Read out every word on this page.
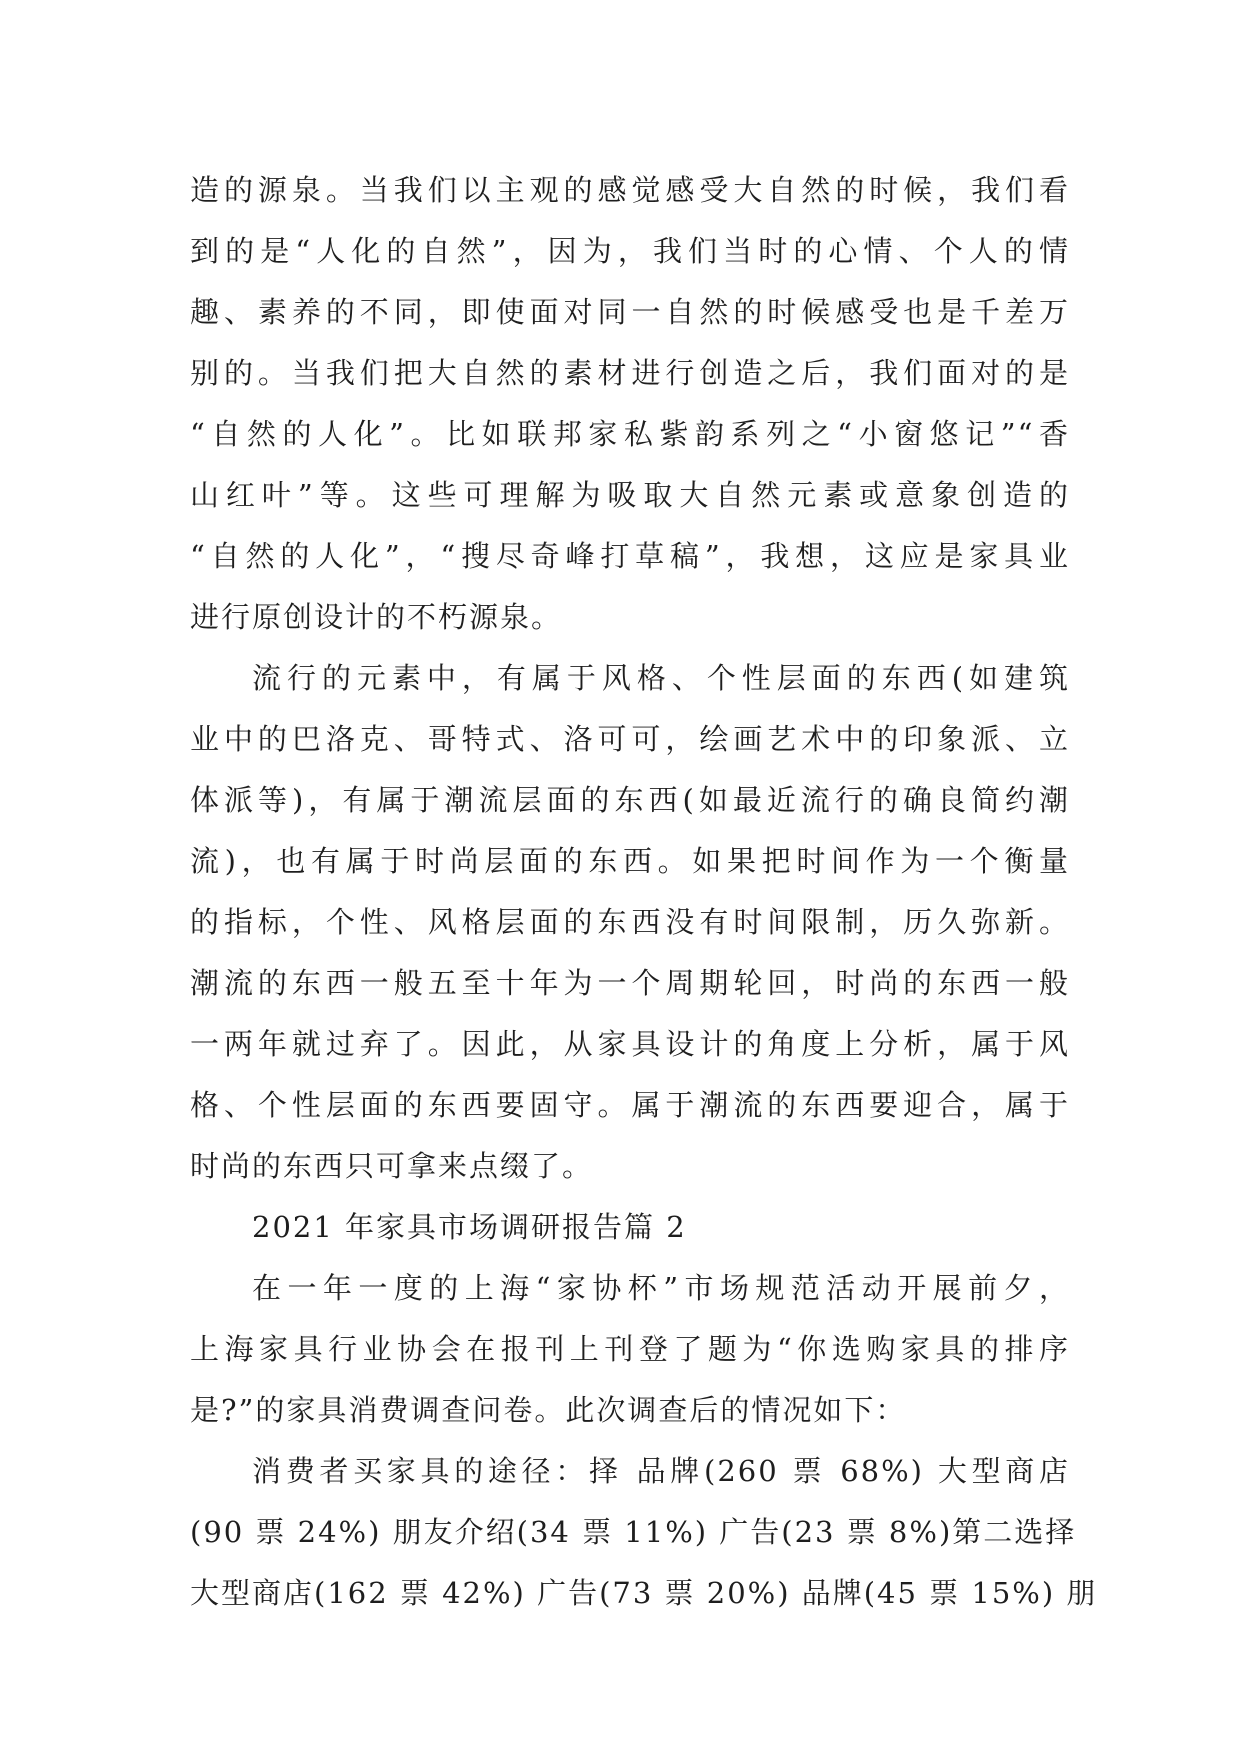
造的源泉。当我们以主观的感觉感受大自然的时候，我们看
到的是“人化的自然”，因为，我们当时的心情、个人的情
趣、素养的不同，即使面对同一自然的时候感受也是千差万
别的。当我们把大自然的素材进行创造之后，我们面对的是
“自然的人化”。比如联邦家私紫韵系列之“小窗悠记”“香
山红叶”等。这些可理解为吸取大自然元素或意象创造的
“自然的人化”，“搜尽奇峰打草稿”，我想，这应是家具业
进行原创设计的不朽源泉。
流行的元素中，有属于风格、个性层面的东西(如建筑
业中的巴洛克、哥特式、洛可可，绘画艺术中的印象派、立
体派等)，有属于潮流层面的东西(如最近流行的确良简约潮
流)，也有属于时尚层面的东西。如果把时间作为一个衡量
的指标，个性、风格层面的东西没有时间限制，历久弥新。
潮流的东西一般五至十年为一个周期轮回，时尚的东西一般
一两年就过弃了。因此，从家具设计的角度上分析，属于风
格、个性层面的东西要固守。属于潮流的东西要迎合，属于
时尚的东西只可拿来点缀了。
2021 年家具市场调研报告篇 2
在一年一度的上海“家协杯”市场规范活动开展前夕，
上海家具行业协会在报刊上刊登了题为“你选购家具的排序
是?”的家具消费调查问卷。此次调查后的情况如下：
消费者买家具的途径：择 品牌(260 票 68%) 大型商店
(90 票 24%) 朋友介绍(34 票 11%) 广告(23 票 8%)第二选择
大型商店(162 票 42%) 广告(73 票 20%) 品牌(45 票 15%) 朋
